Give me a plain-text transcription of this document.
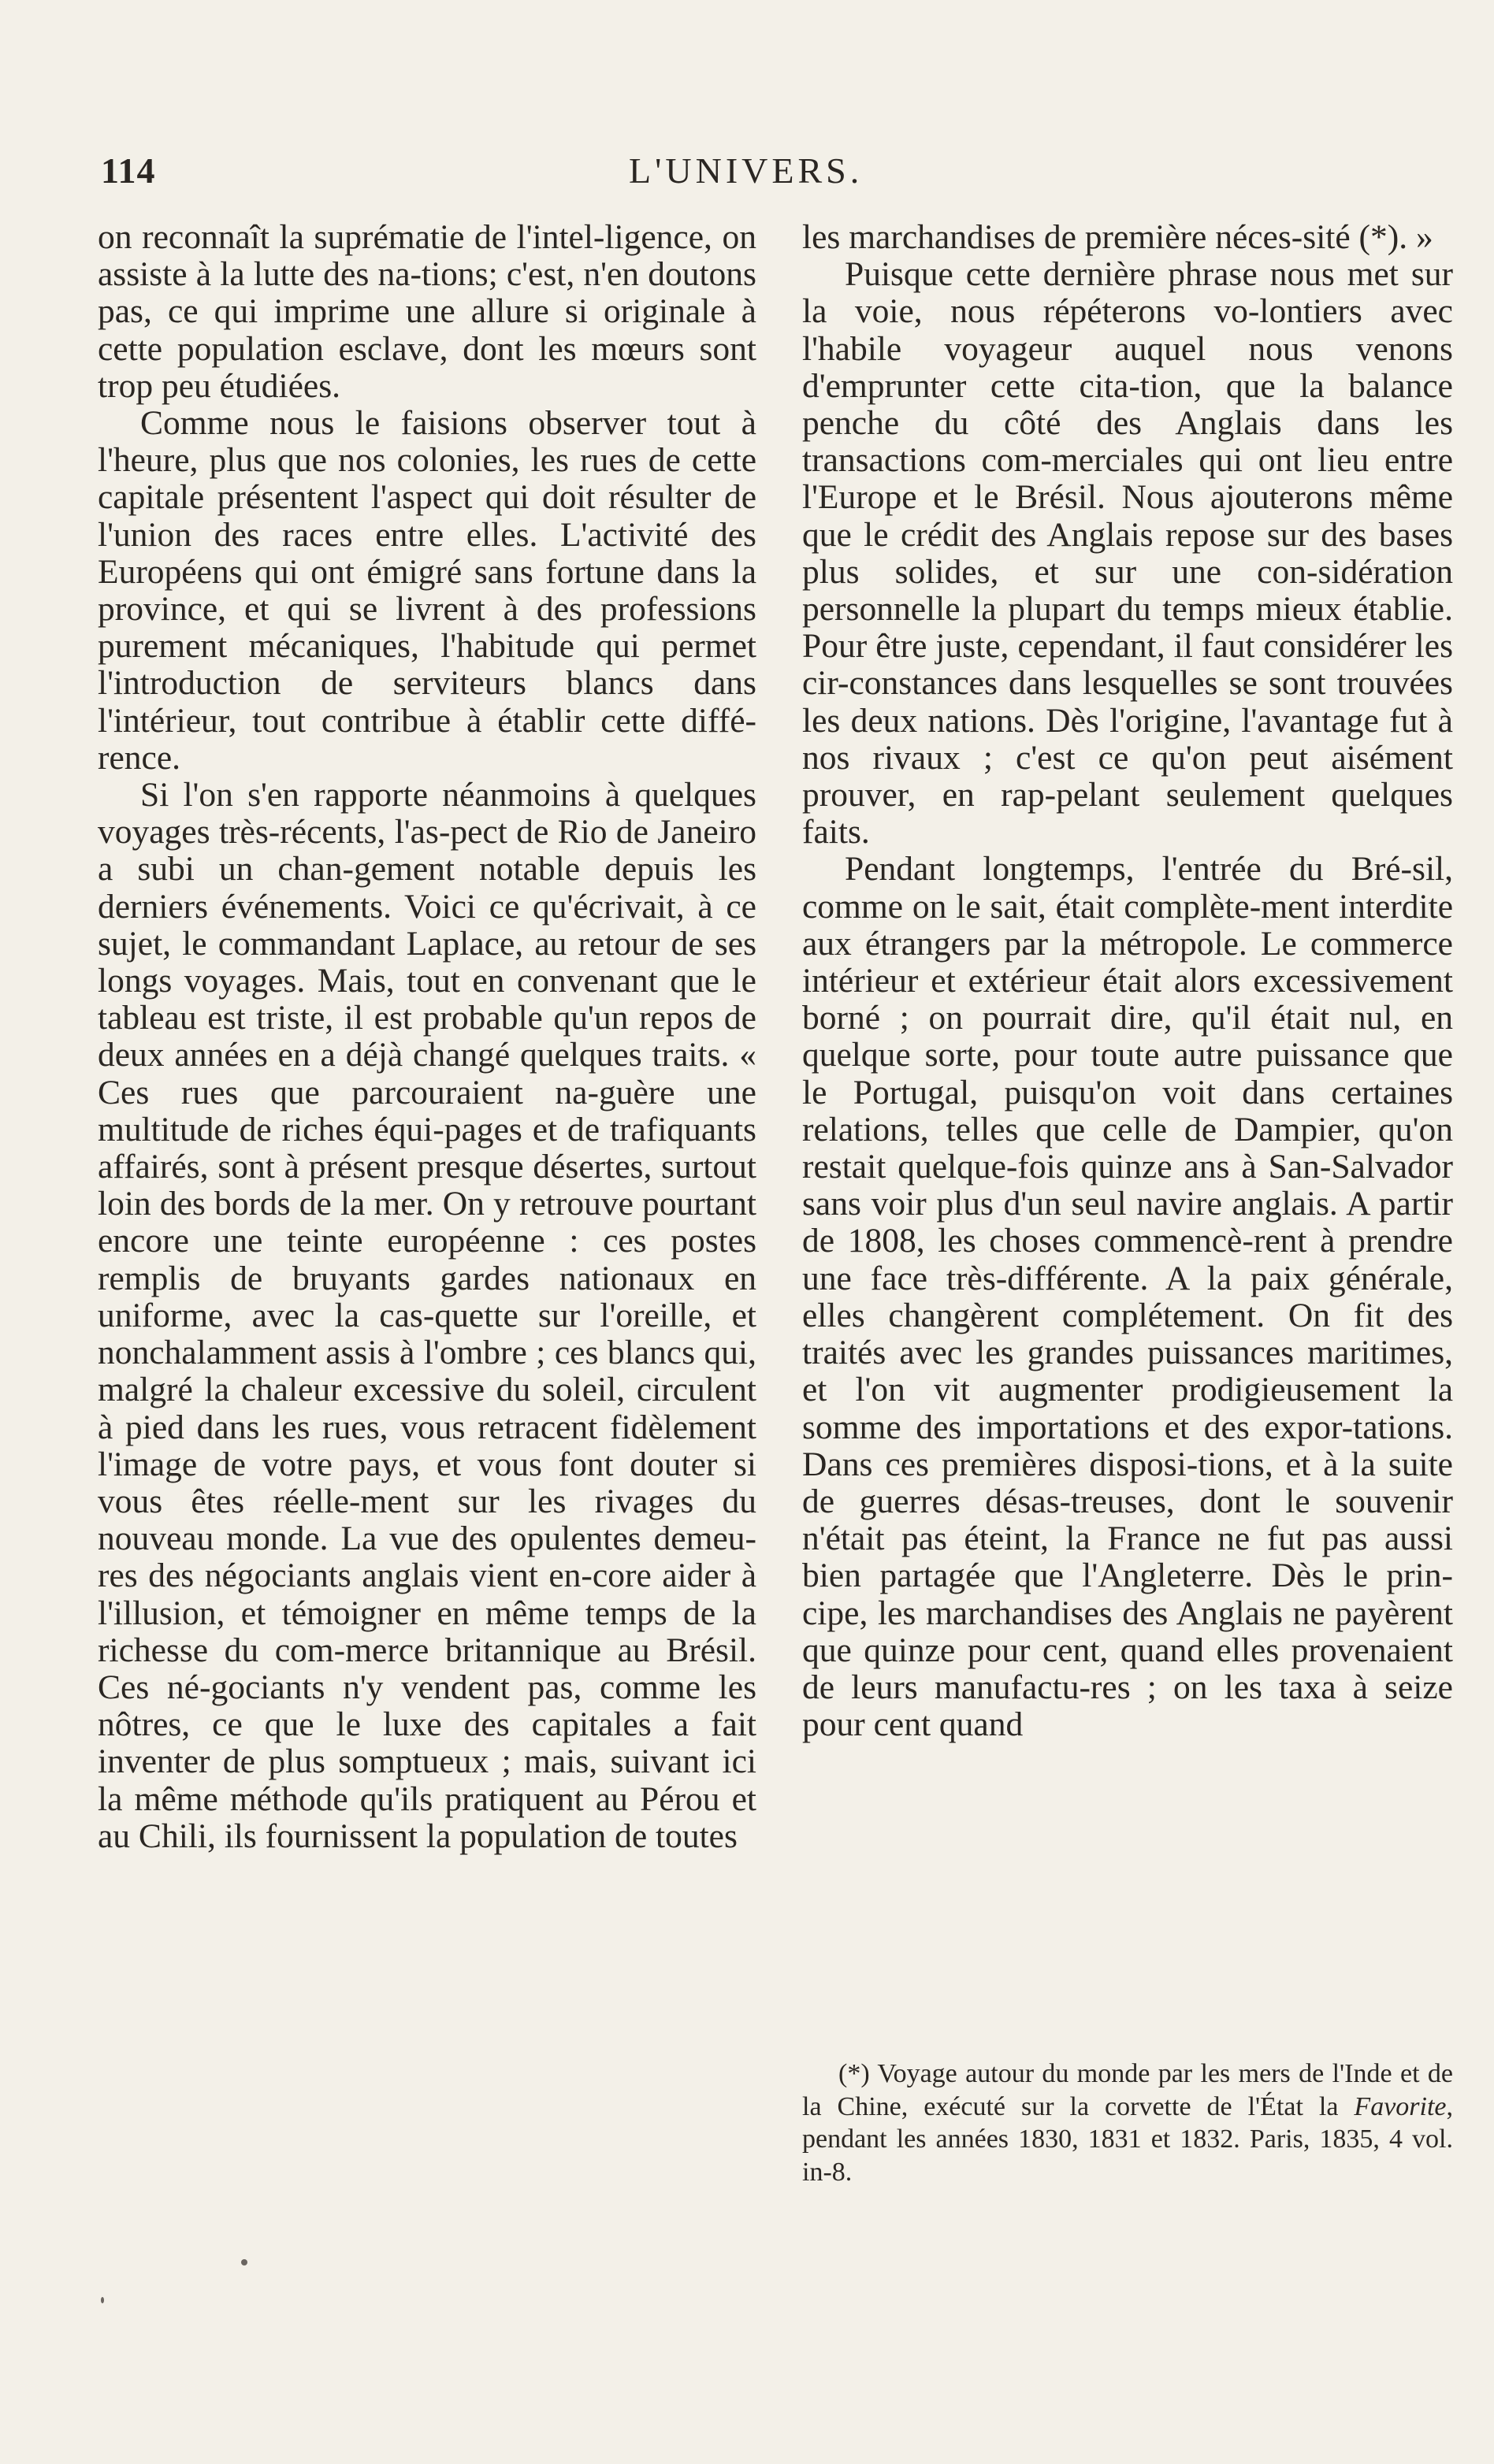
114	L'UNIVERS.

on reconnaît la suprématie de l'intel-ligence, on assiste à la lutte des na-tions; c'est, n'en doutons pas, ce qui imprime une allure si originale à cette population esclave, dont les mœurs sont trop peu étudiées.

Comme nous le faisions observer tout à l'heure, plus que nos colonies, les rues de cette capitale présentent l'aspect qui doit résulter de l'union des races entre elles. L'activité des Européens qui ont émigré sans fortune dans la province, et qui se livrent à des professions purement mécaniques, l'habitude qui permet l'introduction de serviteurs blancs dans l'intérieur, tout contribue à établir cette diffé-rence.

Si l'on s'en rapporte néanmoins à quelques voyages très-récents, l'as-pect de Rio de Janeiro a subi un chan-gement notable depuis les derniers événements. Voici ce qu'écrivait, à ce sujet, le commandant Laplace, au retour de ses longs voyages. Mais, tout en convenant que le tableau est triste, il est probable qu'un repos de deux années en a déjà changé quelques traits. « Ces rues que parcouraient na-guère une multitude de riches équi-pages et de trafiquants affairés, sont à présent presque désertes, surtout loin des bords de la mer. On y retrouve pourtant encore une teinte européenne : ces postes remplis de bruyants gardes nationaux en uniforme, avec la cas-quette sur l'oreille, et nonchalamment assis à l'ombre ; ces blancs qui, malgré la chaleur excessive du soleil, circulent à pied dans les rues, vous retracent fidèlement l'image de votre pays, et vous font douter si vous êtes réelle-ment sur les rivages du nouveau monde. La vue des opulentes demeu-res des négociants anglais vient en-core aider à l'illusion, et témoigner en même temps de la richesse du com-merce britannique au Brésil. Ces né-gociants n'y vendent pas, comme les nôtres, ce que le luxe des capitales a fait inventer de plus somptueux ; mais, suivant ici la même méthode qu'ils pratiquent au Pérou et au Chili, ils fournissent la population de toutes

les marchandises de première néces-sité (*). »

Puisque cette dernière phrase nous met sur la voie, nous répéterons vo-lontiers avec l'habile voyageur auquel nous venons d'emprunter cette cita-tion, que la balance penche du côté des Anglais dans les transactions com-merciales qui ont lieu entre l'Europe et le Brésil. Nous ajouterons même que le crédit des Anglais repose sur des bases plus solides, et sur une con-sidération personnelle la plupart du temps mieux établie. Pour être juste, cependant, il faut considérer les cir-constances dans lesquelles se sont trouvées les deux nations. Dès l'origine, l'avantage fut à nos rivaux ; c'est ce qu'on peut aisément prouver, en rap-pelant seulement quelques faits.

Pendant longtemps, l'entrée du Bré-sil, comme on le sait, était complète-ment interdite aux étrangers par la métropole. Le commerce intérieur et extérieur était alors excessivement borné ; on pourrait dire, qu'il était nul, en quelque sorte, pour toute autre puissance que le Portugal, puisqu'on voit dans certaines relations, telles que celle de Dampier, qu'on restait quelque-fois quinze ans à San-Salvador sans voir plus d'un seul navire anglais. A partir de 1808, les choses commencè-rent à prendre une face très-différente. A la paix générale, elles changèrent complétement. On fit des traités avec les grandes puissances maritimes, et l'on vit augmenter prodigieusement la somme des importations et des expor-tations. Dans ces premières disposi-tions, et à la suite de guerres désas-treuses, dont le souvenir n'était pas éteint, la France ne fut pas aussi bien partagée que l'Angleterre. Dès le prin-cipe, les marchandises des Anglais ne payèrent que quinze pour cent, quand elles provenaient de leurs manufactu-res ; on les taxa à seize pour cent quand

(*) Voyage autour du monde par les mers de l'Inde et de la Chine, exécuté sur la corvette de l'État la Favorite, pendant les années 1830, 1831 et 1832. Paris, 1835, 4 vol. in-8.
